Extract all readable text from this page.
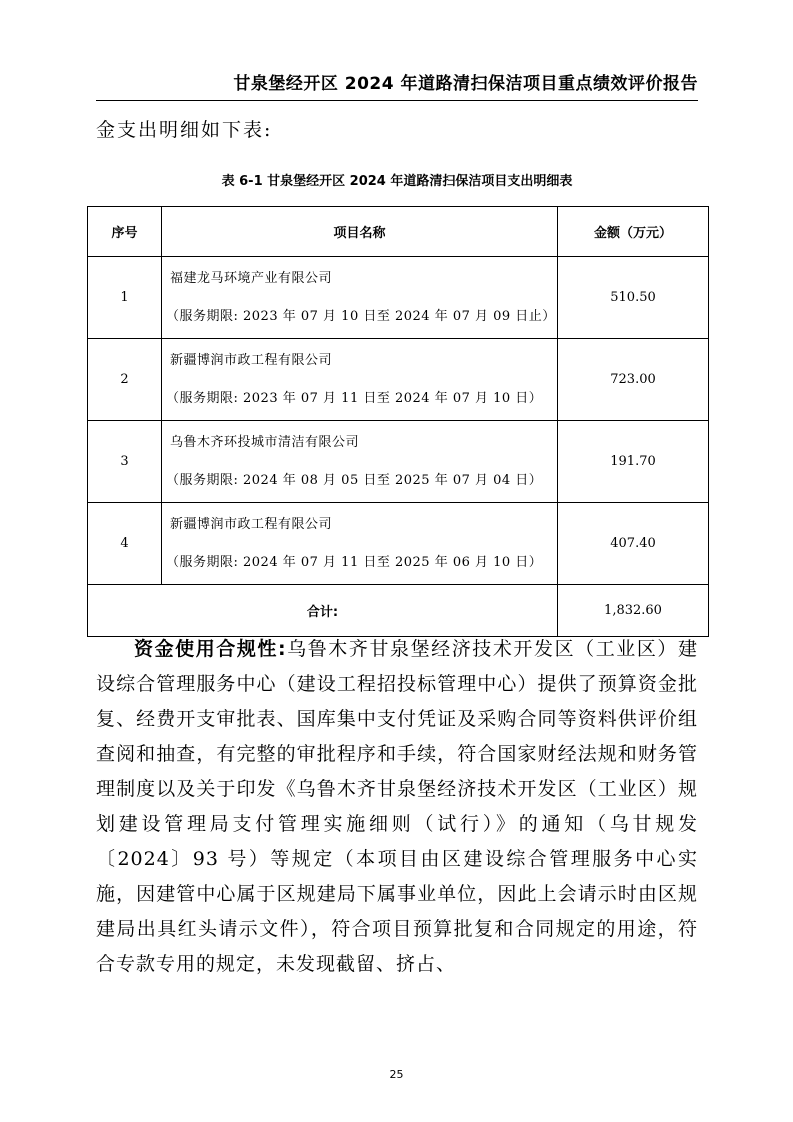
甘泉堡经开区 2024 年道路清扫保洁项目重点绩效评价报告
金支出明细如下表:
表 6-1 甘泉堡经开区 2024 年道路清扫保洁项目支出明细表
序号	项目名称	金额（万元）
1	福建龙马环境产业有限公司
（服务期限: 2023 年 07 月 10 日至 2024 年 07 月 09 日止）	510.50
2	新疆博润市政工程有限公司
（服务期限: 2023 年 07 月 11 日至 2024 年 07 月 10 日）	723.00
3	乌鲁木齐环投城市清洁有限公司
（服务期限: 2024 年 08 月 05 日至 2025 年 07 月 04 日）	191.70
4	新疆博润市政工程有限公司
（服务期限: 2024 年 07 月 11 日至 2025 年 06 月 10 日）	407.40
合计:		1,832.60
资金使用合规性:乌鲁木齐甘泉堡经济技术开发区（工业区）建设综合管理服务中心（建设工程招投标管理中心）提供了预算资金批复、经费开支审批表、国库集中支付凭证及采购合同等资料供评价组查阅和抽查，有完整的审批程序和手续，符合国家财经法规和财务管理制度以及关于印发《乌鲁木齐甘泉堡经济技术开发区（工业区）规划建设管理局支付管理实施细则（试行）》的通知（乌甘规发〔2024〕93 号）等规定（本项目由区建设综合管理服务中心实施，因建管中心属于区规建局下属事业单位，因此上会请示时由区规建局出具红头请示文件），符合项目预算批复和合同规定的用途，符合专款专用的规定，未发现截留、挤占、
25
